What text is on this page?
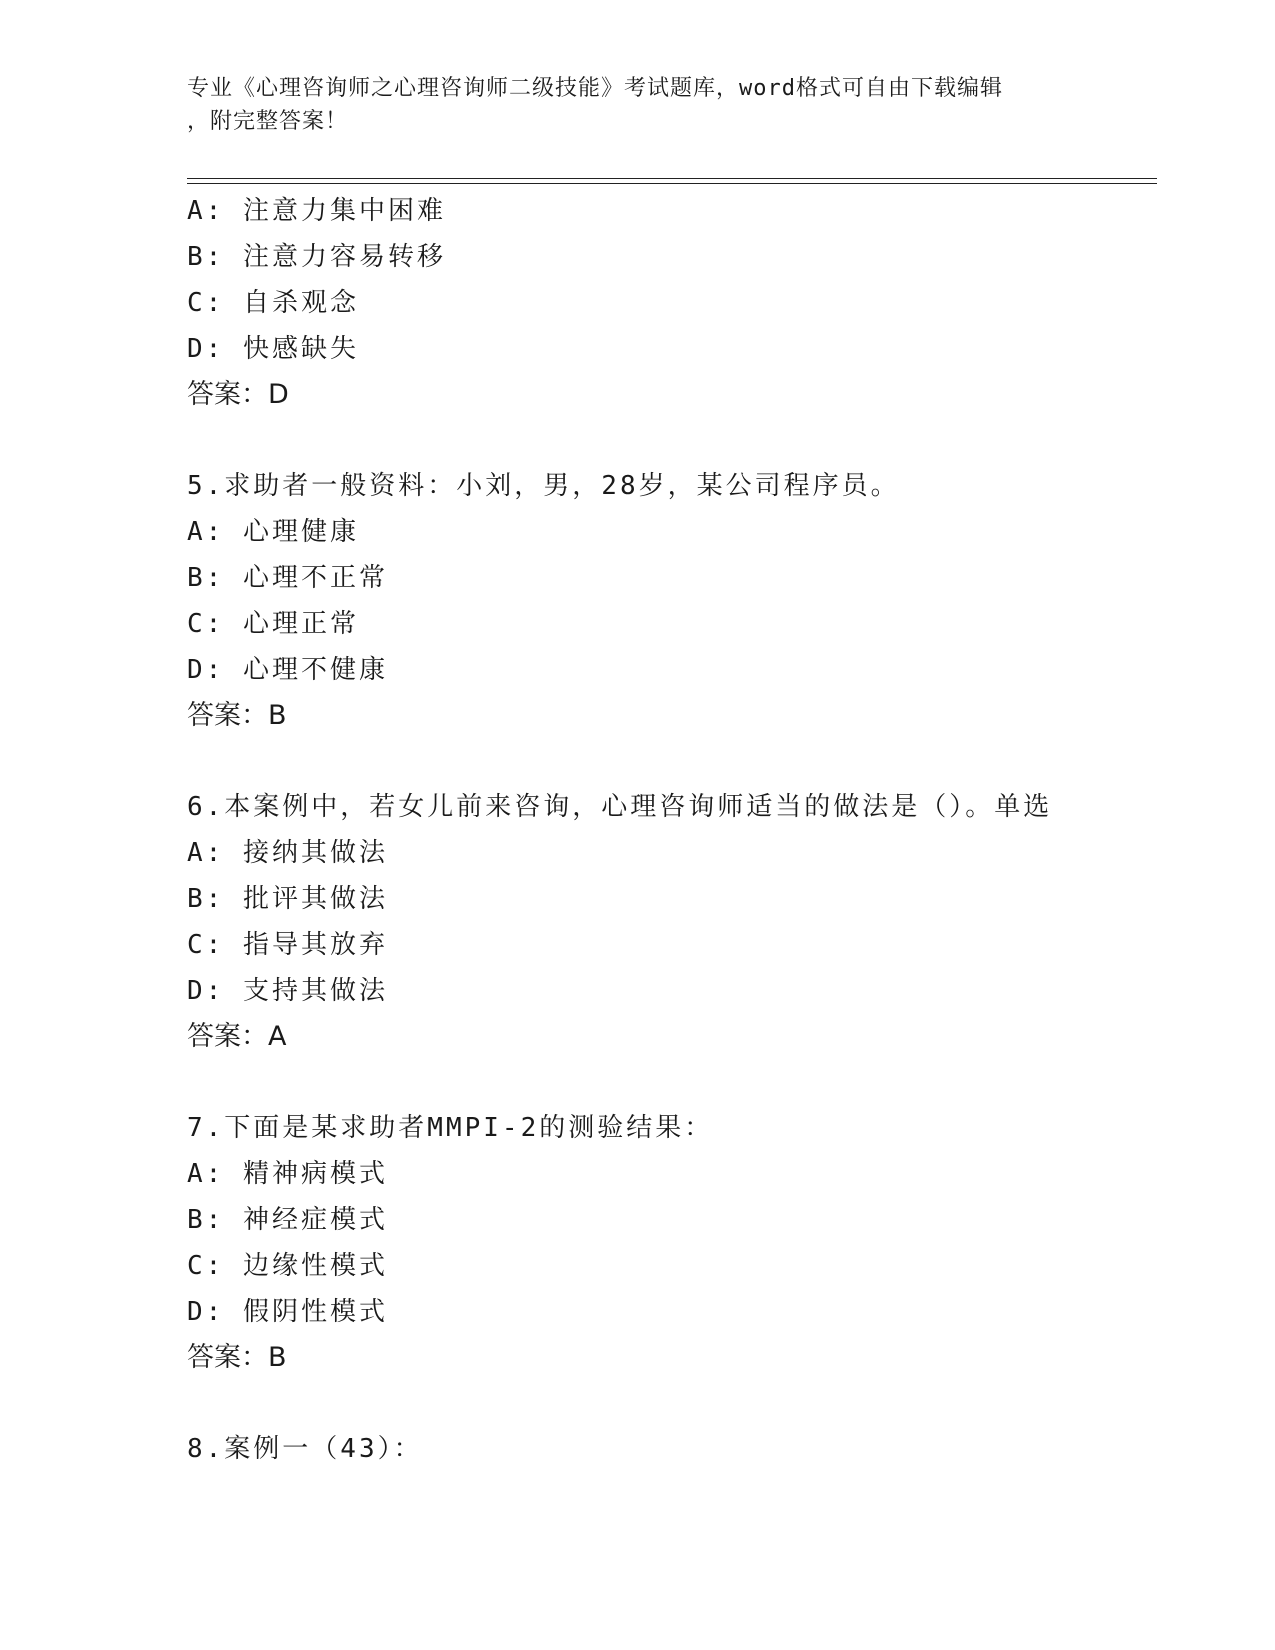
专业《心理咨询师之心理咨询师二级技能》考试题库，word格式可自由下载编辑
，附完整答案！
A: 注意力集中困难
B: 注意力容易转移
C: 自杀观念
D: 快感缺失
答案：D
5.求助者一般资料：小刘，男，28岁，某公司程序员。
A: 心理健康
B: 心理不正常
C: 心理正常
D: 心理不健康
答案：B
6.本案例中，若女儿前来咨询，心理咨询师适当的做法是（）。单选
A: 接纳其做法
B: 批评其做法
C: 指导其放弃
D: 支持其做法
答案：A
7.下面是某求助者MMPI-2的测验结果：
A: 精神病模式
B: 神经症模式
C: 边缘性模式
D: 假阴性模式
答案：B
8.案例一（43）：
